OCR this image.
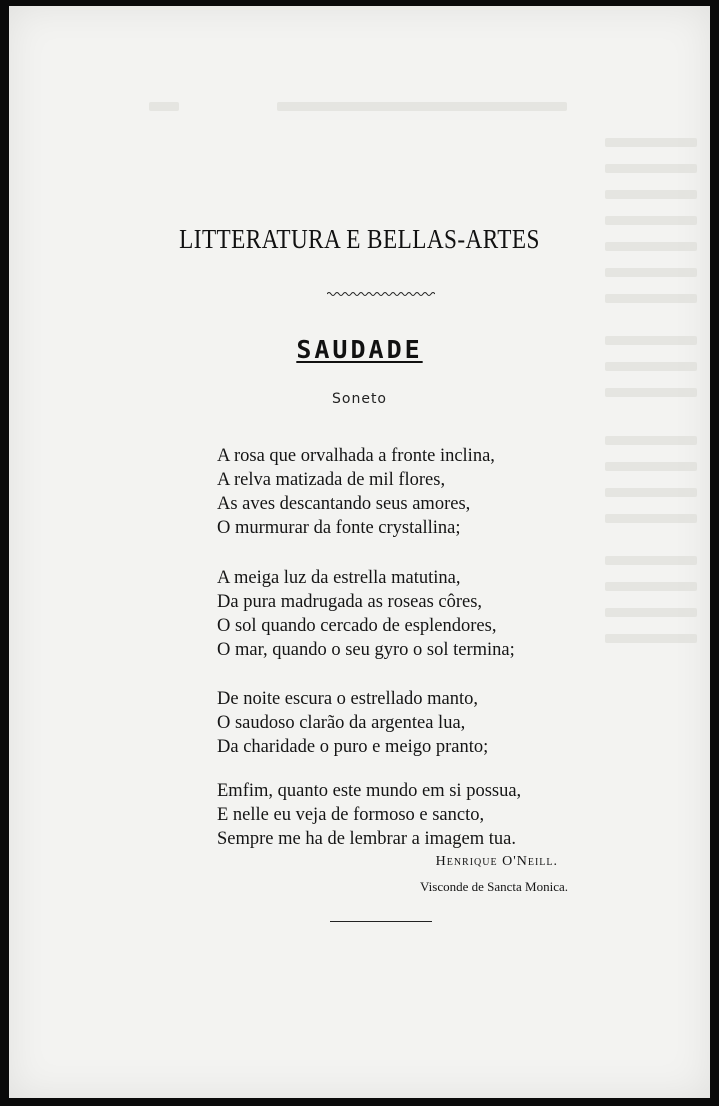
LITTERATURA E BELLAS-ARTES
SAUDADE
Soneto
A rosa que orvalhada a fronte inclina,
A relva matizada de mil flores,
As aves descantando seus amores,
O murmurar da fonte crystallina;
A meiga luz da estrella matutina,
Da pura madrugada as roseas côres,
O sol quando cercado de esplendores,
O mar, quando o seu gyro o sol termina;
De noite escura o estrellado manto,
O saudoso clarão da argentea lua,
Da charidade o puro e meigo pranto;
Emfim, quanto este mundo em si possua,
E nelle eu veja de formoso e sancto,
Sempre me ha de lembrar a imagem tua.
Henrique O'Neill.
Visconde de Sancta Monica.
